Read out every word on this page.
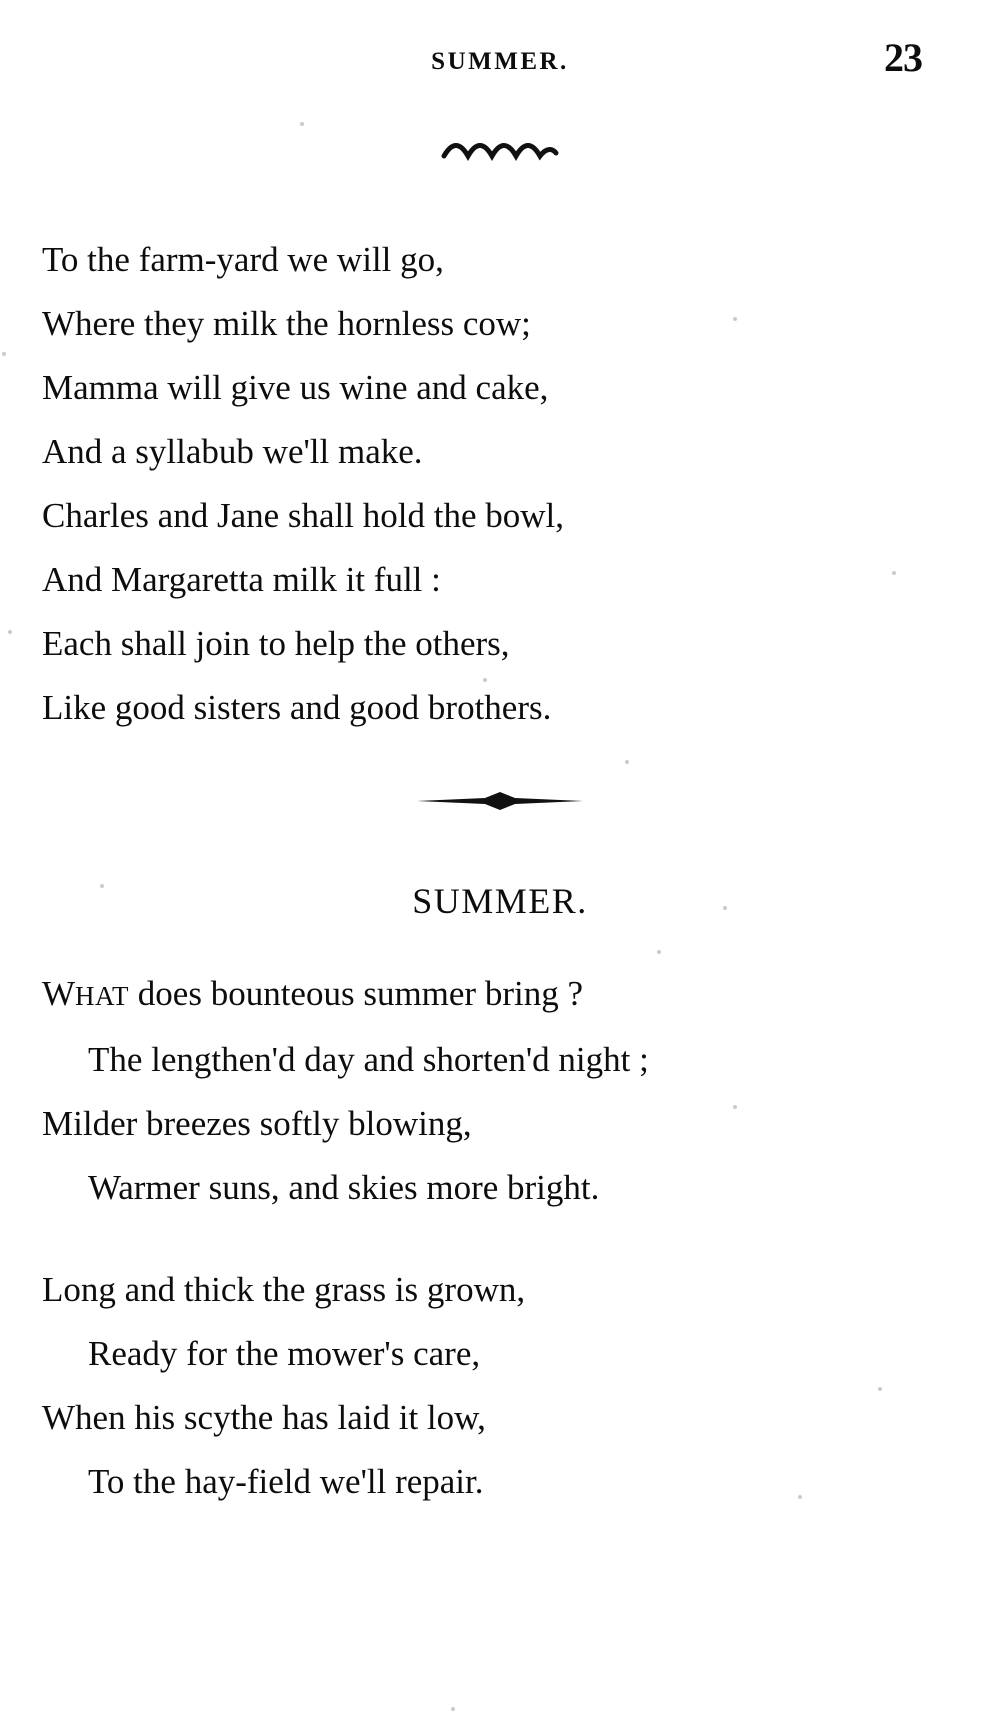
SUMMER.	23
To the farm-yard we will go,
Where they milk the hornless cow;
Mamma will give us wine and cake,
And a syllabub we'll make.
Charles and Jane shall hold the bowl,
And Margaretta milk it full :
Each shall join to help the others,
Like good sisters and good brothers.
SUMMER.
WHAT does bounteous summer bring ?
The lengthen'd day and shorten'd night ;
Milder breezes softly blowing,
Warmer suns, and skies more bright.
Long and thick the grass is grown,
Ready for the mower's care,
When his scythe has laid it low,
To the hay-field we'll repair.
